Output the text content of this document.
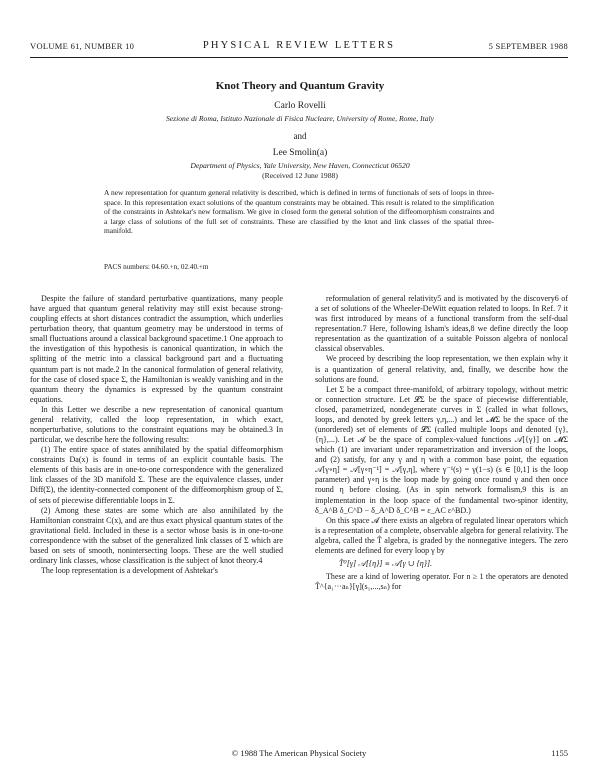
VOLUME 61, NUMBER 10	PHYSICAL REVIEW LETTERS	5 SEPTEMBER 1988
Knot Theory and Quantum Gravity
Carlo Rovelli
Sezione di Roma, Istituto Nazionale di Fisica Nucleare, University of Rome, Rome, Italy
and
Lee Smolin(a)
Department of Physics, Yale University, New Haven, Connecticut 06520
(Received 12 June 1988)
A new representation for quantum general relativity is described, which is defined in terms of functionals of sets of loops in three-space. In this representation exact solutions of the quantum constraints may be obtained. This result is related to the simplification of the constraints in Ashtekar's new formalism. We give in closed form the general solution of the diffeomorphism constraints and a large class of solutions of the full set of constraints. These are classified by the knot and link classes of the spatial three-manifold.
PACS numbers: 04.60.+n, 02.40.+m

Despite the failure of standard perturbative quantizations, many people have argued that quantum general relativity may still exist because strong-coupling effects at short distances contradict the assumption, which underlies perturbation theory, that quantum geometry may be understood in terms of small fluctuations around a classical background spacetime.1 One approach to the investigation of this hypothesis is canonical quantization, in which the splitting of the metric into a classical background part and a fluctuating quantum part is not made.2 In the canonical formulation of general relativity, for the case of closed space Σ, the Hamiltonian is weakly vanishing and in the quantum theory the dynamics is expressed by the quantum constraint equations.

In this Letter we describe a new representation of canonical quantum general relativity, called the loop representation, in which exact, nonperturbative, solutions to the constraint equations may be obtained.3 In particular, we describe here the following results:

(1) The entire space of states annihilated by the spatial diffeomorphism constraints Da(x) is found in terms of an explicit countable basis. The elements of this basis are in one-to-one correspondence with the generalized link classes of the 3D manifold Σ. These are the equivalence classes, under Diff(Σ), the identity-connected component of the diffeomorphism group of Σ, of sets of piecewise differentiable loops in Σ.

(2) Among these states are some which are also annihilated by the Hamiltonian constraint C(x), and are thus exact physical quantum states of the gravitational field. Included in these is a sector whose basis is in one-to-one correspondence with the subset of the generalized link classes of Σ which are based on sets of smooth, nonintersecting loops. These are the well studied ordinary link classes, whose classification is the subject of knot theory.4

The loop representation is a development of Ashtekar's

reformulation of general relativity5 and is motivated by the discovery6 of a set of solutions of the Wheeler-DeWitt equation related to loops. In Ref. 7 it was first introduced by means of a functional transform from the self-dual representation.7 Here, following Isham's ideas,8 we define directly the loop representation as the quantization of a suitable Poisson algebra of nonlocal classical observables.

We proceed by describing the loop representation, we then explain why it is a quantization of general relativity, and, finally, we describe how the solutions are found.

Let Σ be a compact three-manifold, of arbitrary topology, without metric or connection structure. Let 𝓛Σ be the space of piecewise differentiable, closed, parametrized, nondegenerate curves in Σ (called in what follows, loops, and denoted by greek letters γ,η,...) and let 𝓜Σ be the space of the (unordered) set of elements of 𝓛Σ (called multiple loops and denoted {γ},{η},...). Let 𝓐 be the space of complex-valued functions 𝒜[{γ}] on 𝓜Σ which (1) are invariant under reparametrization and inversion of the loops, and (2) satisfy, for any γ and η with a common base point, the equation 𝒜[γ∘η] = 𝒜[γ∘η⁻¹] = 𝒜[γ,η], where γ⁻¹(s) = γ(1−s) (s ∈ [0,1] is the loop parameter) and γ∘η is the loop made by going once round γ and then once round η before closing. (As in spin network formalism,9 this is an implementation in the loop space of the fundamental two-spinor identity, δ_A^B δ_C^D − δ_A^D δ_C^B = ε_AC ε^BD.)

On this space 𝓐 there exists an algebra of regulated linear operators which is a representation of a complete, observable algebra for general relativity. The algebra, called the T̂ algebra, is graded by the nonnegative integers. The zero elements are defined for every loop γ by

T̂⁰[γ] 𝒜[{η}] ≡ 𝒜[γ ∪ {η}].

These are a kind of lowering operator. For n ≥ 1 the operators are denoted T̂^{a₁···aₙ}[γ](s₁,...,sₙ) for

© 1988 The American Physical Society	1155
